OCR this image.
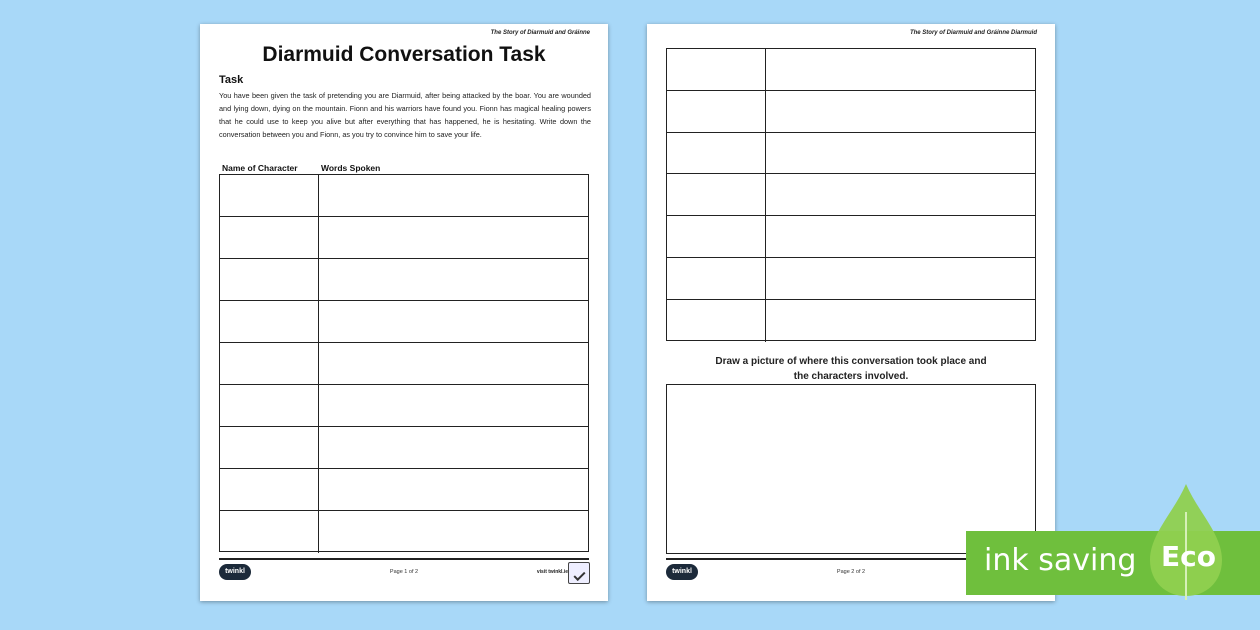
The Story of Diarmuid and Gráinne
Diarmuid Conversation Task
Task
You have been given the task of pretending you are Diarmuid, after being attacked by the boar. You are wounded and lying down, dying on the mountain. Fionn and his warriors have found you. Fionn has magical healing powers that he could use to keep you alive but after everything that has happened, he is hesitating. Write down the conversation between you and Fionn, as you try to convince him to save your life.
Name of Character	Words Spoken
twinkl	Page 1 of 2	visit twinkl.ie
The Story of Diarmuid and Gráinne Diarmuid
Draw a picture of where this conversation took place and
the characters involved.
twinkl	Page 2 of 2	ink saving Eco
